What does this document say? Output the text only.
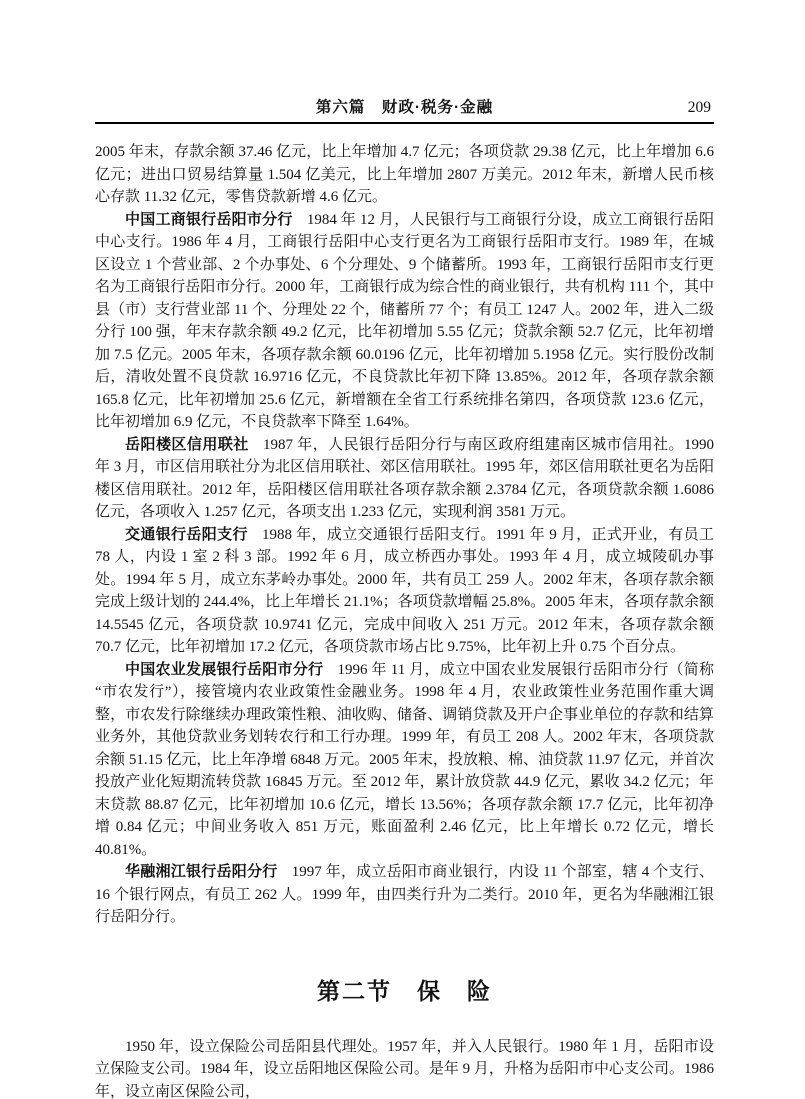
第六篇　财政·税务·金融	209

2005 年末，存款余额 37.46 亿元，比上年增加 4.7 亿元；各项贷款 29.38 亿元，比上年增加 6.6 亿元；进出口贸易结算量 1.504 亿美元，比上年增加 2807 万美元。2012 年末，新增人民币核心存款 11.32 亿元，零售贷款新增 4.6 亿元。

中国工商银行岳阳市分行 1984 年 12 月，人民银行与工商银行分设，成立工商银行岳阳中心支行。1986 年 4 月，工商银行岳阳中心支行更名为工商银行岳阳市支行。1989 年，在城区设立 1 个营业部、2 个办事处、6 个分理处、9 个储蓄所。1993 年，工商银行岳阳市支行更名为工商银行岳阳市分行。2000 年，工商银行成为综合性的商业银行，共有机构 111 个，其中县（市）支行营业部 11 个、分理处 22 个，储蓄所 77 个；有员工 1247 人。2002 年，进入二级分行 100 强，年末存款余额 49.2 亿元，比年初增加 5.55 亿元；贷款余额 52.7 亿元，比年初增加 7.5 亿元。2005 年末，各项存款余额 60.0196 亿元，比年初增加 5.1958 亿元。实行股份改制后，清收处置不良贷款 16.9716 亿元，不良贷款比年初下降 13.85%。2012 年，各项存款余额 165.8 亿元，比年初增加 25.6 亿元，新增额在全省工行系统排名第四，各项贷款 123.6 亿元，比年初增加 6.9 亿元，不良贷款率下降至 1.64%。

岳阳楼区信用联社 1987 年，人民银行岳阳分行与南区政府组建南区城市信用社。1990 年 3 月，市区信用联社分为北区信用联社、郊区信用联社。1995 年，郊区信用联社更名为岳阳楼区信用联社。2012 年，岳阳楼区信用联社各项存款余额 2.3784 亿元，各项贷款余额 1.6086 亿元，各项收入 1.257 亿元，各项支出 1.233 亿元，实现利润 3581 万元。

交通银行岳阳支行 1988 年，成立交通银行岳阳支行。1991 年 9 月，正式开业，有员工 78 人，内设 1 室 2 科 3 部。1992 年 6 月，成立桥西办事处。1993 年 4 月，成立城陵矶办事处。1994 年 5 月，成立东茅岭办事处。2000 年，共有员工 259 人。2002 年末，各项存款余额完成上级计划的 244.4%，比上年增长 21.1%；各项贷款增幅 25.8%。2005 年末，各项存款余额 14.5545 亿元，各项贷款 10.9741 亿元，完成中间收入 251 万元。2012 年末，各项存款余额 70.7 亿元，比年初增加 17.2 亿元，各项贷款市场占比 9.75%，比年初上升 0.75 个百分点。

中国农业发展银行岳阳市分行 1996 年 11 月，成立中国农业发展银行岳阳市分行（简称“市农发行”），接管境内农业政策性金融业务。1998 年 4 月，农业政策性业务范围作重大调整，市农发行除继续办理政策性粮、油收购、储备、调销贷款及开户企事业单位的存款和结算业务外，其他贷款业务划转农行和工行办理。1999 年，有员工 208 人。2002 年末，各项贷款余额 51.15 亿元，比上年净增 6848 万元。2005 年末，投放粮、棉、油贷款 11.97 亿元，并首次投放产业化短期流转贷款 16845 万元。至 2012 年，累计放贷款 44.9 亿元，累收 34.2 亿元；年末贷款 88.87 亿元，比年初增加 10.6 亿元，增长 13.56%；各项存款余额 17.7 亿元，比年初净增 0.84 亿元；中间业务收入 851 万元，账面盈利 2.46 亿元，比上年增长 0.72 亿元，增长 40.81%。

华融湘江银行岳阳分行 1997 年，成立岳阳市商业银行，内设 11 个部室，辖 4 个支行、16 个银行网点，有员工 262 人。1999 年，由四类行升为二类行。2010 年，更名为华融湘江银行岳阳分行。

第二节　保　险

1950 年，设立保险公司岳阳县代理处。1957 年，并入人民银行。1980 年 1 月，岳阳市设立保险支公司。1984 年，设立岳阳地区保险公司。是年 9 月，升格为岳阳市中心支公司。1986 年，设立南区保险公司，
